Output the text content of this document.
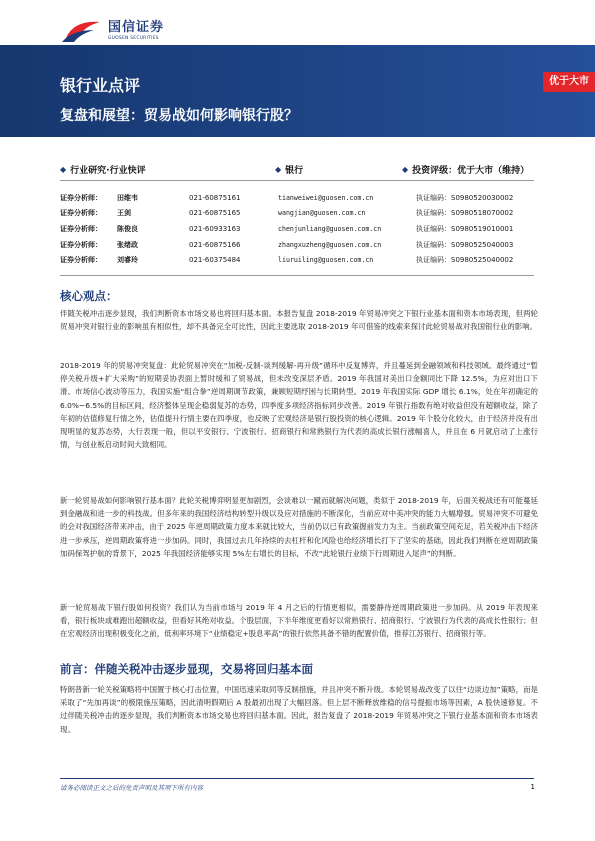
国信证券
GUOSEN SECURITIES
银行业点评
复盘和展望：贸易战如何影响银行股？
优于大市
◆ 行业研究·行业快评	◆ 银行	◆ 投资评级：优于大市（维持）
证券分析师：	田维韦	021-60875161	tianweiwei@guosen.com.cn	执证编码：S0980520030002
证券分析师：	王剑	021-60875165	wangjian@guosen.com.cn	执证编码：S0980518070002
证券分析师：	陈俊良	021-60933163	chenjunliang@guosen.com.cn	执证编码：S0980519010001
证券分析师：	张绪政	021-60875166	zhangxuzheng@guosen.com.cn	执证编码：S0980525040003
证券分析师：	刘睿玲	021-60375484	liuruiling@guosen.com.cn	执证编码：S0980525040002
核心观点：
伴随关税冲击逐步显现，我们判断资本市场交易也将回归基本面。本报告复盘 2018-2019 年贸易冲突之下银行业基本面和资本市场表现，但两轮贸易冲突对银行业的影响虽有相似性，却不具备完全可比性，因此主要选取 2018-2019 年可借鉴的线索来探讨此轮贸易战对我国银行业的影响。
2018-2019 年的贸易冲突复盘：此轮贸易冲突在“加税-反制-谈判缓解-再升级”循环中反复博弈，并且蔓延到金融领域和科技领域。最终通过“暂停关税升级+扩大采购”的短期妥协表面上暂时缓和了贸易战，但未改变深层矛盾。2019 年我国对美出口金额同比下降 12.5%，为应对出口下滑、市场信心波动等压力，我国实施“组合拳”逆周期调节政策，兼顾短期纾困与长期转型。2019 年我国实际 GDP 增长 6.1%，处在年初确定的 6.0%~6.5%的目标区间，经济整体呈现企稳弱复苏的态势，四季度多项经济指标同步改善。2019 年银行指数有绝对收益但没有超额收益，除了年初的估值修复行情之外，估值提升行情主要在四季度，也反映了宏观经济是银行股投资的核心逻辑。2019 年个股分化较大，由于经济并没有出现明显的复苏态势，大行表现一般，但以平安银行、宁波银行、招商银行和常熟银行为代表的高成长银行涨幅喜人，并且在 6 月就启动了上涨行情，与创业板启动时间大致相同。
新一轮贸易战如何影响银行基本面？此轮关税博弈明显更加剧烈，会谈难以一蹴而就解决问题，类似于 2018-2019 年，后面关税战还有可能蔓延到金融战和进一步的科技战。但多年来的我国经济结构转型升级以及应对措施的不断深化，当前应对中美冲突的能力大幅增强。贸易冲突不可避免的会对我国经济带来冲击，由于 2025 年逆周期政策力度本来就比较大，当前仍以已有政策握前发力为主。当前政策空间充足，若关税冲击下经济进一步承压，逆周期政策将进一步加码。同时，我国过去几年持续的去杠杆和化风险也给经济增长打下了坚实的基础，因此我们判断在逆周期政策加码保驾护航的背景下，2025 年我国经济能够实现 5%左右增长的目标，不改“此轮银行业绩下行周期进入尾声”的判断。
新一轮贸易战下银行股如何投资？我们认为当前市场与 2019 年 4 月之后的行情更相似，需要静待逆周期政策进一步加码。从 2019 年表现来看，银行板块或难跑出超额收益，但看好其绝对收益。个股层面，下半年维度更看好以常熟银行、招商银行、宁波银行为代表的高成长性银行；但在宏观经济出现积极变化之前，低利率环境下“业绩稳定+股息率高”的银行依然具备不错的配置价值，推荐江苏银行、招商银行等。
前言：伴随关税冲击逐步显现，交易将回归基本面
特朗普新一轮关税策略将中国置于核心打击位置，中国迅速采取同等反制措施，并且冲突不断升级。本轮贸易战改变了以往“边谈边加”策略，而是采取了“先加再谈”的极限施压策略，因此清明假期后 A 股最初出现了大幅回落。但上层不断释放维稳的信号提振市场等因素，A 股快速修复。不过伴随关税冲击的逐步显现，我们判断资本市场交易也将回归基本面。因此，报告复盘了 2018-2019 年贸易冲突之下银行业基本面和资本市场表现。
请务必阅读正文之后的免责声明及其项下所有内容	1
